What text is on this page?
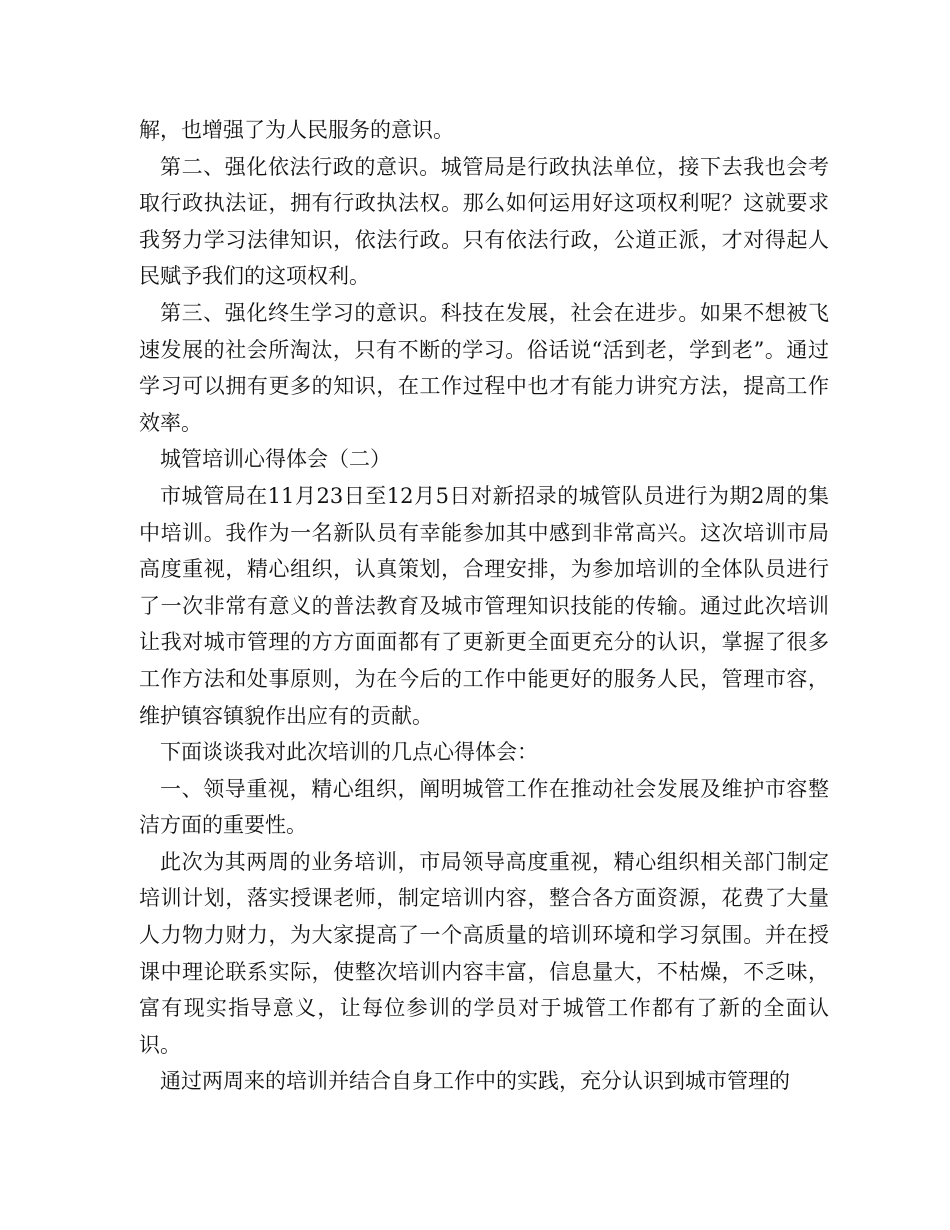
解，也增强了为人民服务的意识。

第二、强化依法行政的意识。城管局是行政执法单位，接下去我也会考取行政执法证，拥有行政执法权。那么如何运用好这项权利呢？这就要求我努力学习法律知识，依法行政。只有依法行政，公道正派，才对得起人民赋予我们的这项权利。

第三、强化终生学习的意识。科技在发展，社会在进步。如果不想被飞速发展的社会所淘汰，只有不断的学习。俗话说“活到老，学到老”。通过学习可以拥有更多的知识，在工作过程中也才有能力讲究方法，提高工作效率。

城管培训心得体会（二）

市城管局在11月23日至12月5日对新招录的城管队员进行为期2周的集中培训。我作为一名新队员有幸能参加其中感到非常高兴。这次培训市局高度重视，精心组织，认真策划，合理安排，为参加培训的全体队员进行了一次非常有意义的普法教育及城市管理知识技能的传输。通过此次培训让我对城市管理的方方面面都有了更新更全面更充分的认识，掌握了很多工作方法和处事原则，为在今后的工作中能更好的服务人民，管理市容，维护镇容镇貌作出应有的贡献。

下面谈谈我对此次培训的几点心得体会：

一、领导重视，精心组织，阐明城管工作在推动社会发展及维护市容整洁方面的重要性。

此次为其两周的业务培训，市局领导高度重视，精心组织相关部门制定培训计划，落实授课老师，制定培训内容，整合各方面资源，花费了大量人力物力财力，为大家提高了一个高质量的培训环境和学习氛围。并在授课中理论联系实际，使整次培训内容丰富，信息量大，不枯燥，不乏味，富有现实指导意义，让每位参训的学员对于城管工作都有了新的全面认识。

通过两周来的培训并结合自身工作中的实践，充分认识到城市管理的
